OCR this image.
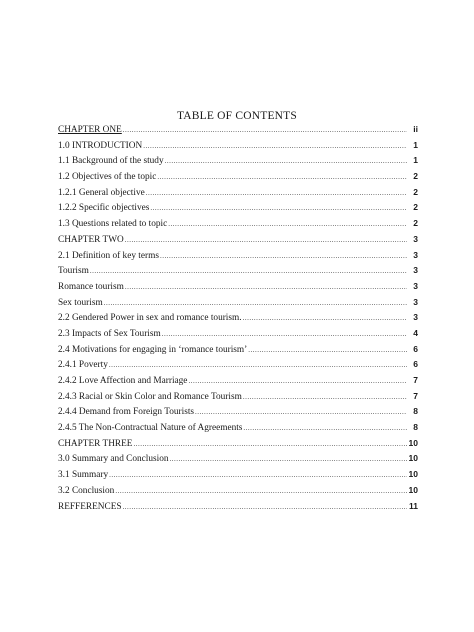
TABLE OF CONTENTS
CHAPTER ONE .....	ii
1.0 INTRODUCTION .....	1
1.1 Background of the study .....	1
1.2 Objectives of the topic .....	2
1.2.1 General objective .....	2
1.2.2 Specific objectives .....	2
1.3 Questions related to topic .....	2
CHAPTER TWO .....	3
2.1 Definition of key terms .....	3
Tourism .....	3
Romance tourism .....	3
Sex tourism .....	3
2.2 Gendered Power in sex and romance tourism. .....	3
2.3 Impacts of Sex Tourism .....	4
2.4 Motivations for engaging in ‘romance tourism’ .....	6
2.4.1 Poverty .....	6
2.4.2 Love Affection and Marriage .....	7
2.4.3 Racial or Skin Color and Romance Tourism .....	7
2.4.4 Demand from Foreign Tourists .....	8
2.4.5 The Non-Contractual Nature of Agreements .....	8
CHAPTER THREE .....	10
3.0 Summary and Conclusion .....	10
3.1 Summary .....	10
3.2 Conclusion .....	10
REFFERENCES .....	11
